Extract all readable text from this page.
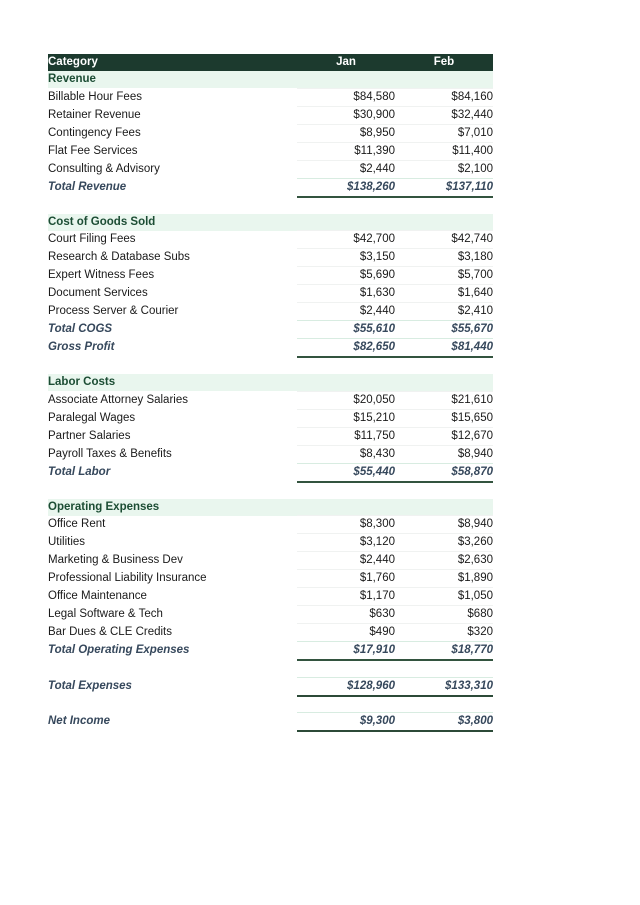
Category	Jan	Feb
Revenue		
Billable Hour Fees	$84,580	$84,160
Retainer Revenue	$30,900	$32,440
Contingency Fees	$8,950	$7,010
Flat Fee Services	$11,390	$11,400
Consulting & Advisory	$2,440	$2,100
Total Revenue	$138,260	$137,110

Cost of Goods Sold		
Court Filing Fees	$42,700	$42,740
Research & Database Subs	$3,150	$3,180
Expert Witness Fees	$5,690	$5,700
Document Services	$1,630	$1,640
Process Server & Courier	$2,440	$2,410
Total COGS	$55,610	$55,670
Gross Profit	$82,650	$81,440

Labor Costs		
Associate Attorney Salaries	$20,050	$21,610
Paralegal Wages	$15,210	$15,650
Partner Salaries	$11,750	$12,670
Payroll Taxes & Benefits	$8,430	$8,940
Total Labor	$55,440	$58,870

Operating Expenses		
Office Rent	$8,300	$8,940
Utilities	$3,120	$3,260
Marketing & Business Dev	$2,440	$2,630
Professional Liability Insurance	$1,760	$1,890
Office Maintenance	$1,170	$1,050
Legal Software & Tech	$630	$680
Bar Dues & CLE Credits	$490	$320
Total Operating Expenses	$17,910	$18,770

Total Expenses	$128,960	$133,310

Net Income	$9,300	$3,800
